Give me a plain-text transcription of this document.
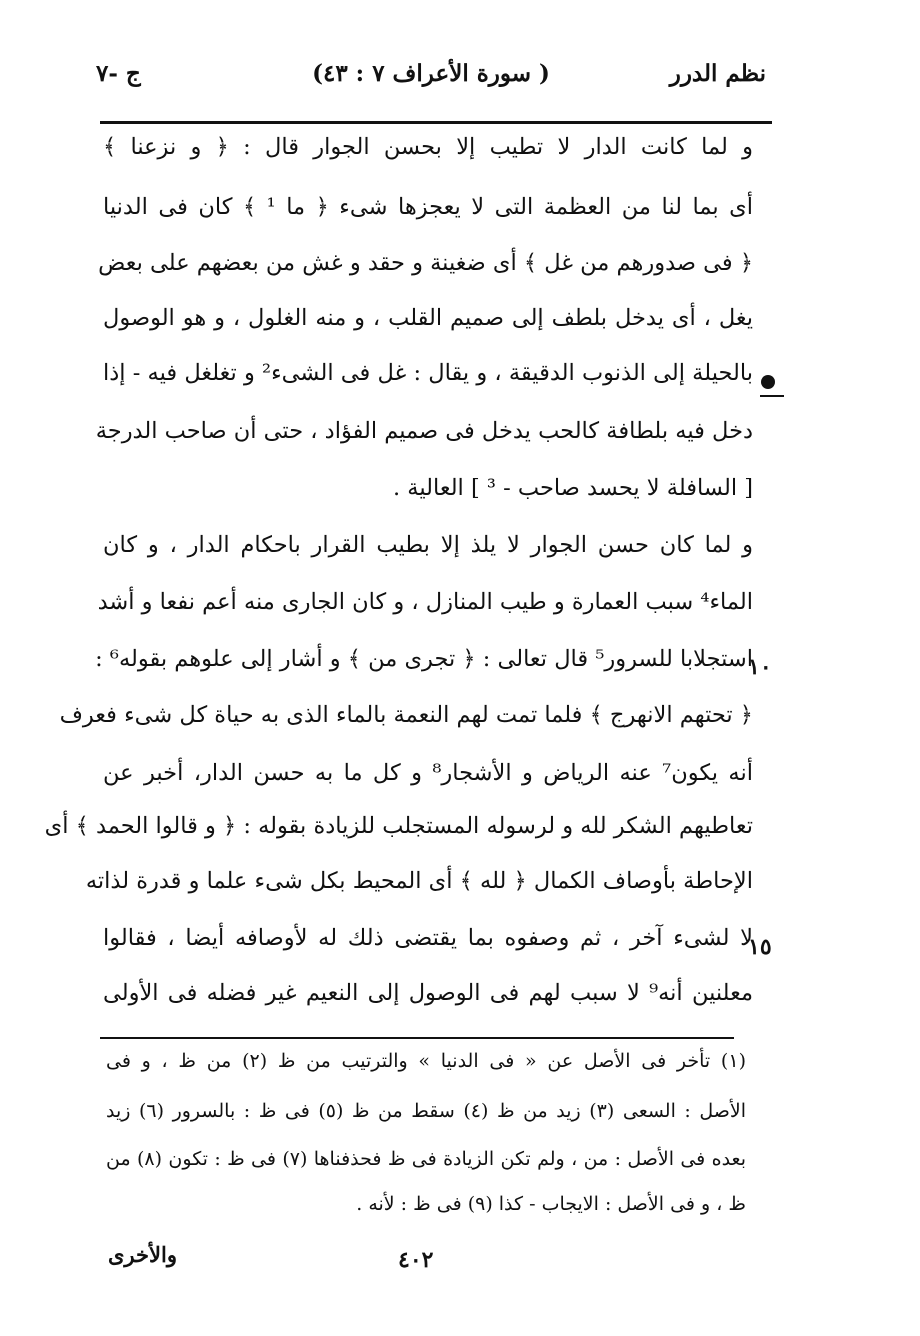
نظم الدرر
( سورة الأعراف ٧ : ٤٣)
ج -٧
و لما كانت الدار لا تطيب إلا بحسن الجوار قال : ﴿ و نزعنا ﴾
أى بما لنا من العظمة التى لا يعجزها شىء ﴿ ما ¹ ﴾ كان فى الدنيا
﴿ فى صدورهم من غل ﴾ أى ضغينة و حقد و غش من بعضهم على بعض
يغل ، أى يدخل بلطف إلى صميم القلب ، و منه الغلول ، و هو الوصول
بالحيلة إلى الذنوب الدقيقة ، و يقال : غل فى الشىء² و تغلغل فيه - إذا
دخل فيه بلطافة كالحب يدخل فى صميم الفؤاد ، حتى أن صاحب الدرجة
[ السافلة لا يحسد صاحب - ³ ] العالية .
و لما كان حسن الجوار لا يلذ إلا بطيب القرار باحكام الدار ، و كان
الماء⁴ سبب العمارة و طيب المنازل ، و كان الجارى منه أعم نفعا و أشد
استجلابا للسرور⁵ قال تعالى : ﴿ تجرى من ﴾ و أشار إلى علوهم بقوله⁶ :
﴿ تحتهم الانهرج ﴾ فلما تمت لهم النعمة بالماء الذى به حياة كل شىء فعرف
أنه يكون⁷ عنه الرياض و الأشجار⁸ و كل ما به حسن الدار، أخبر عن
تعاطيهم الشكر لله و لرسوله المستجلب للزيادة بقوله : ﴿ و قالوا الحمد ﴾ أى
الإحاطة بأوصاف الكمال ﴿ لله ﴾ أى المحيط بكل شىء علما و قدرة لذاته
لا لشىء آخر ، ثم وصفوه بما يقتضى ذلك له لأوصافه أيضا ، فقالوا
معلنين أنه⁹ لا سبب لهم فى الوصول إلى النعيم غير فضله فى الأولى
١٠
١٥
(١) تأخر فى الأصل عن « فى الدنيا » والترتيب من ظ (٢) من ظ ، و فى
الأصل : السعى (٣) زيد من ظ (٤) سقط من ظ (٥) فى ظ : بالسرور (٦) زيد
بعده فى الأصل : من ، ولم تكن الزيادة فى ظ فحذفناها (٧) فى ظ : تكون (٨) من
ظ ، و فى الأصل : الايجاب - كذا (٩) فى ظ : لأنه .
والأخرى	٤٠٢
